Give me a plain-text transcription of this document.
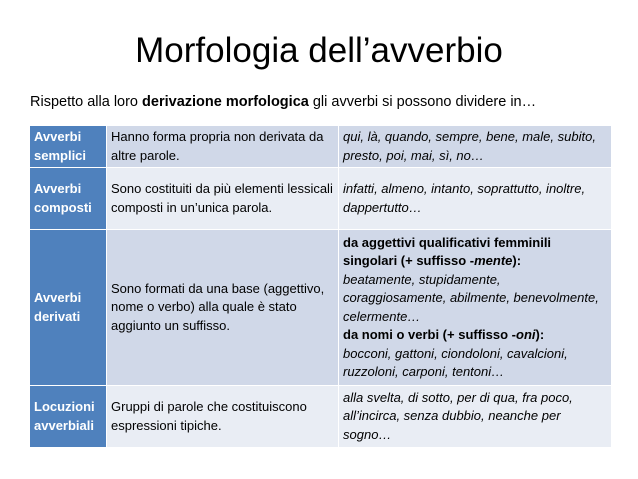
Morfologia dell’avverbio
Rispetto alla loro derivazione morfologica gli avverbi si possono dividere in…
Avverbi semplici	Hanno forma propria non derivata da altre parole.	qui, là, quando, sempre, bene, male, subito, presto, poi, mai, sì, no…
Avverbi composti	Sono costituiti da più elementi lessicali composti in un’unica parola.	infatti, almeno, intanto, soprattutto, inoltre, dappertutto…
Avverbi derivati	Sono formati da una base (aggettivo, nome o verbo) alla quale è stato aggiunto un suffisso.	da aggettivi qualificativi femminili singolari (+ suffisso -mente):
beatamente, stupidamente, coraggiosamente, abilmente, benevolmente, celermente…
da nomi o verbi (+ suffisso -oni):
bocconi, gattoni, ciondoloni, cavalcioni, ruzzoloni, carponi, tentoni…
Locuzioni avverbiali	Gruppi di parole che costituiscono espressioni tipiche.	alla svelta, di sotto, per di qua, fra poco, all’incirca, senza dubbio, neanche per sogno…
